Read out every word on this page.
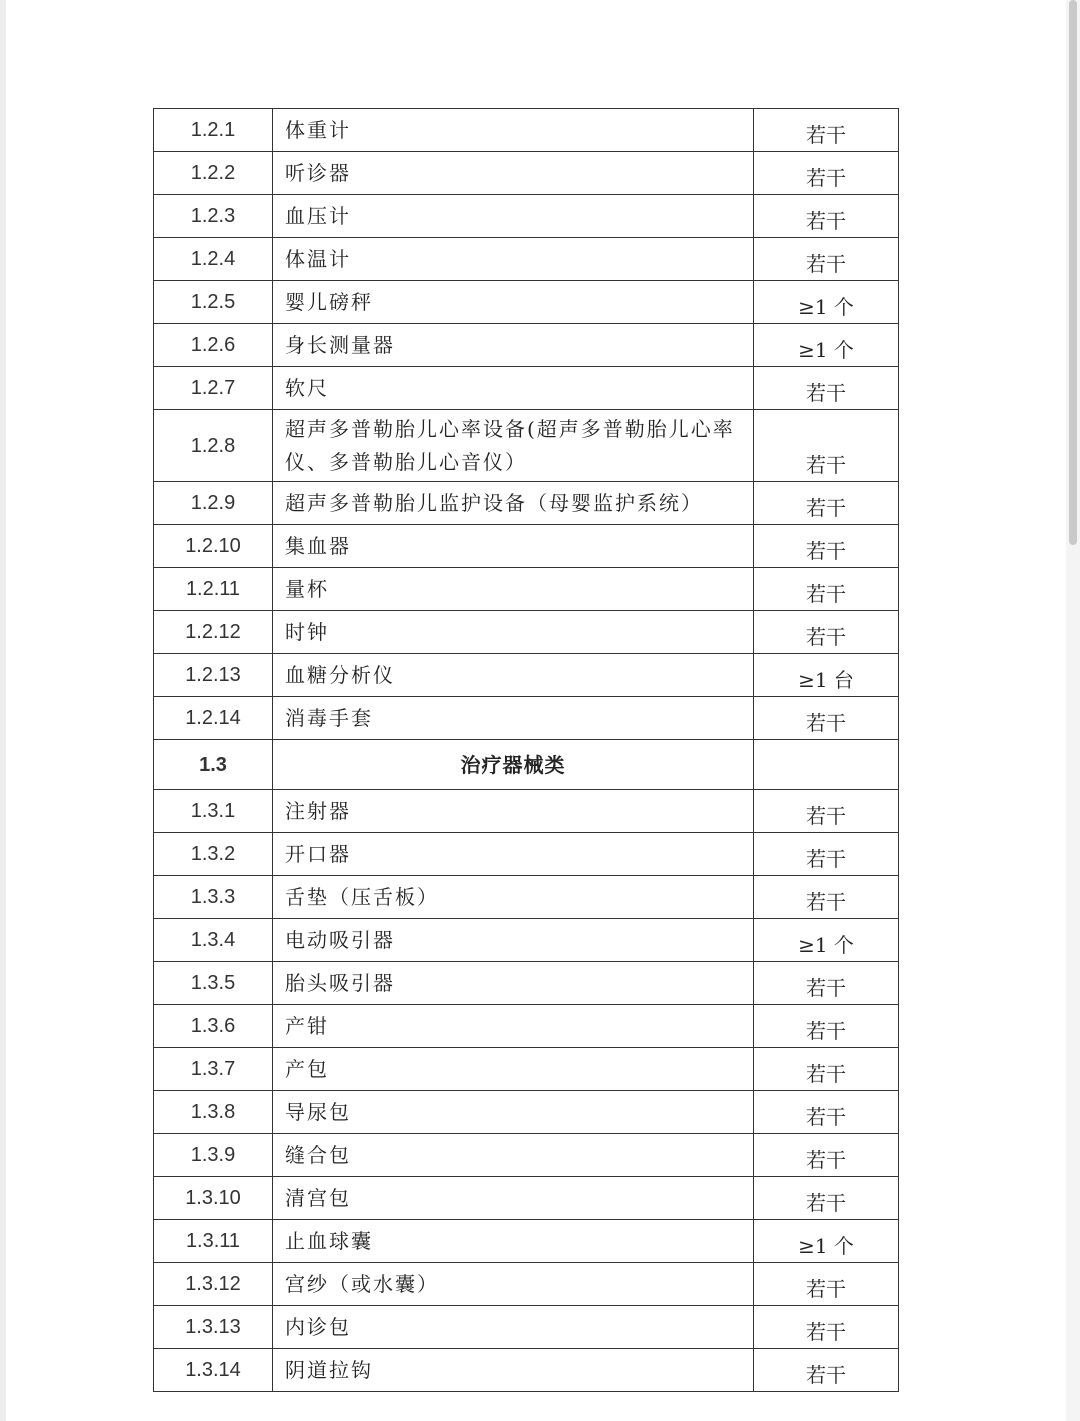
1.2.1	体重计	若干
1.2.2	听诊器	若干
1.2.3	血压计	若干
1.2.4	体温计	若干
1.2.5	婴儿磅秤	≥1 个
1.2.6	身长测量器	≥1 个
1.2.7	软尺	若干
1.2.8	超声多普勒胎儿心率设备(超声多普勒胎儿心率仪、多普勒胎儿心音仪）	若干
1.2.9	超声多普勒胎儿监护设备（母婴监护系统）	若干
1.2.10	集血器	若干
1.2.11	量杯	若干
1.2.12	时钟	若干
1.2.13	血糖分析仪	≥1 台
1.2.14	消毒手套	若干
1.3	治疗器械类	
1.3.1	注射器	若干
1.3.2	开口器	若干
1.3.3	舌垫（压舌板）	若干
1.3.4	电动吸引器	≥1 个
1.3.5	胎头吸引器	若干
1.3.6	产钳	若干
1.3.7	产包	若干
1.3.8	导尿包	若干
1.3.9	缝合包	若干
1.3.10	清宫包	若干
1.3.11	止血球囊	≥1 个
1.3.12	宫纱（或水囊）	若干
1.3.13	内诊包	若干
1.3.14	阴道拉钩	若干
